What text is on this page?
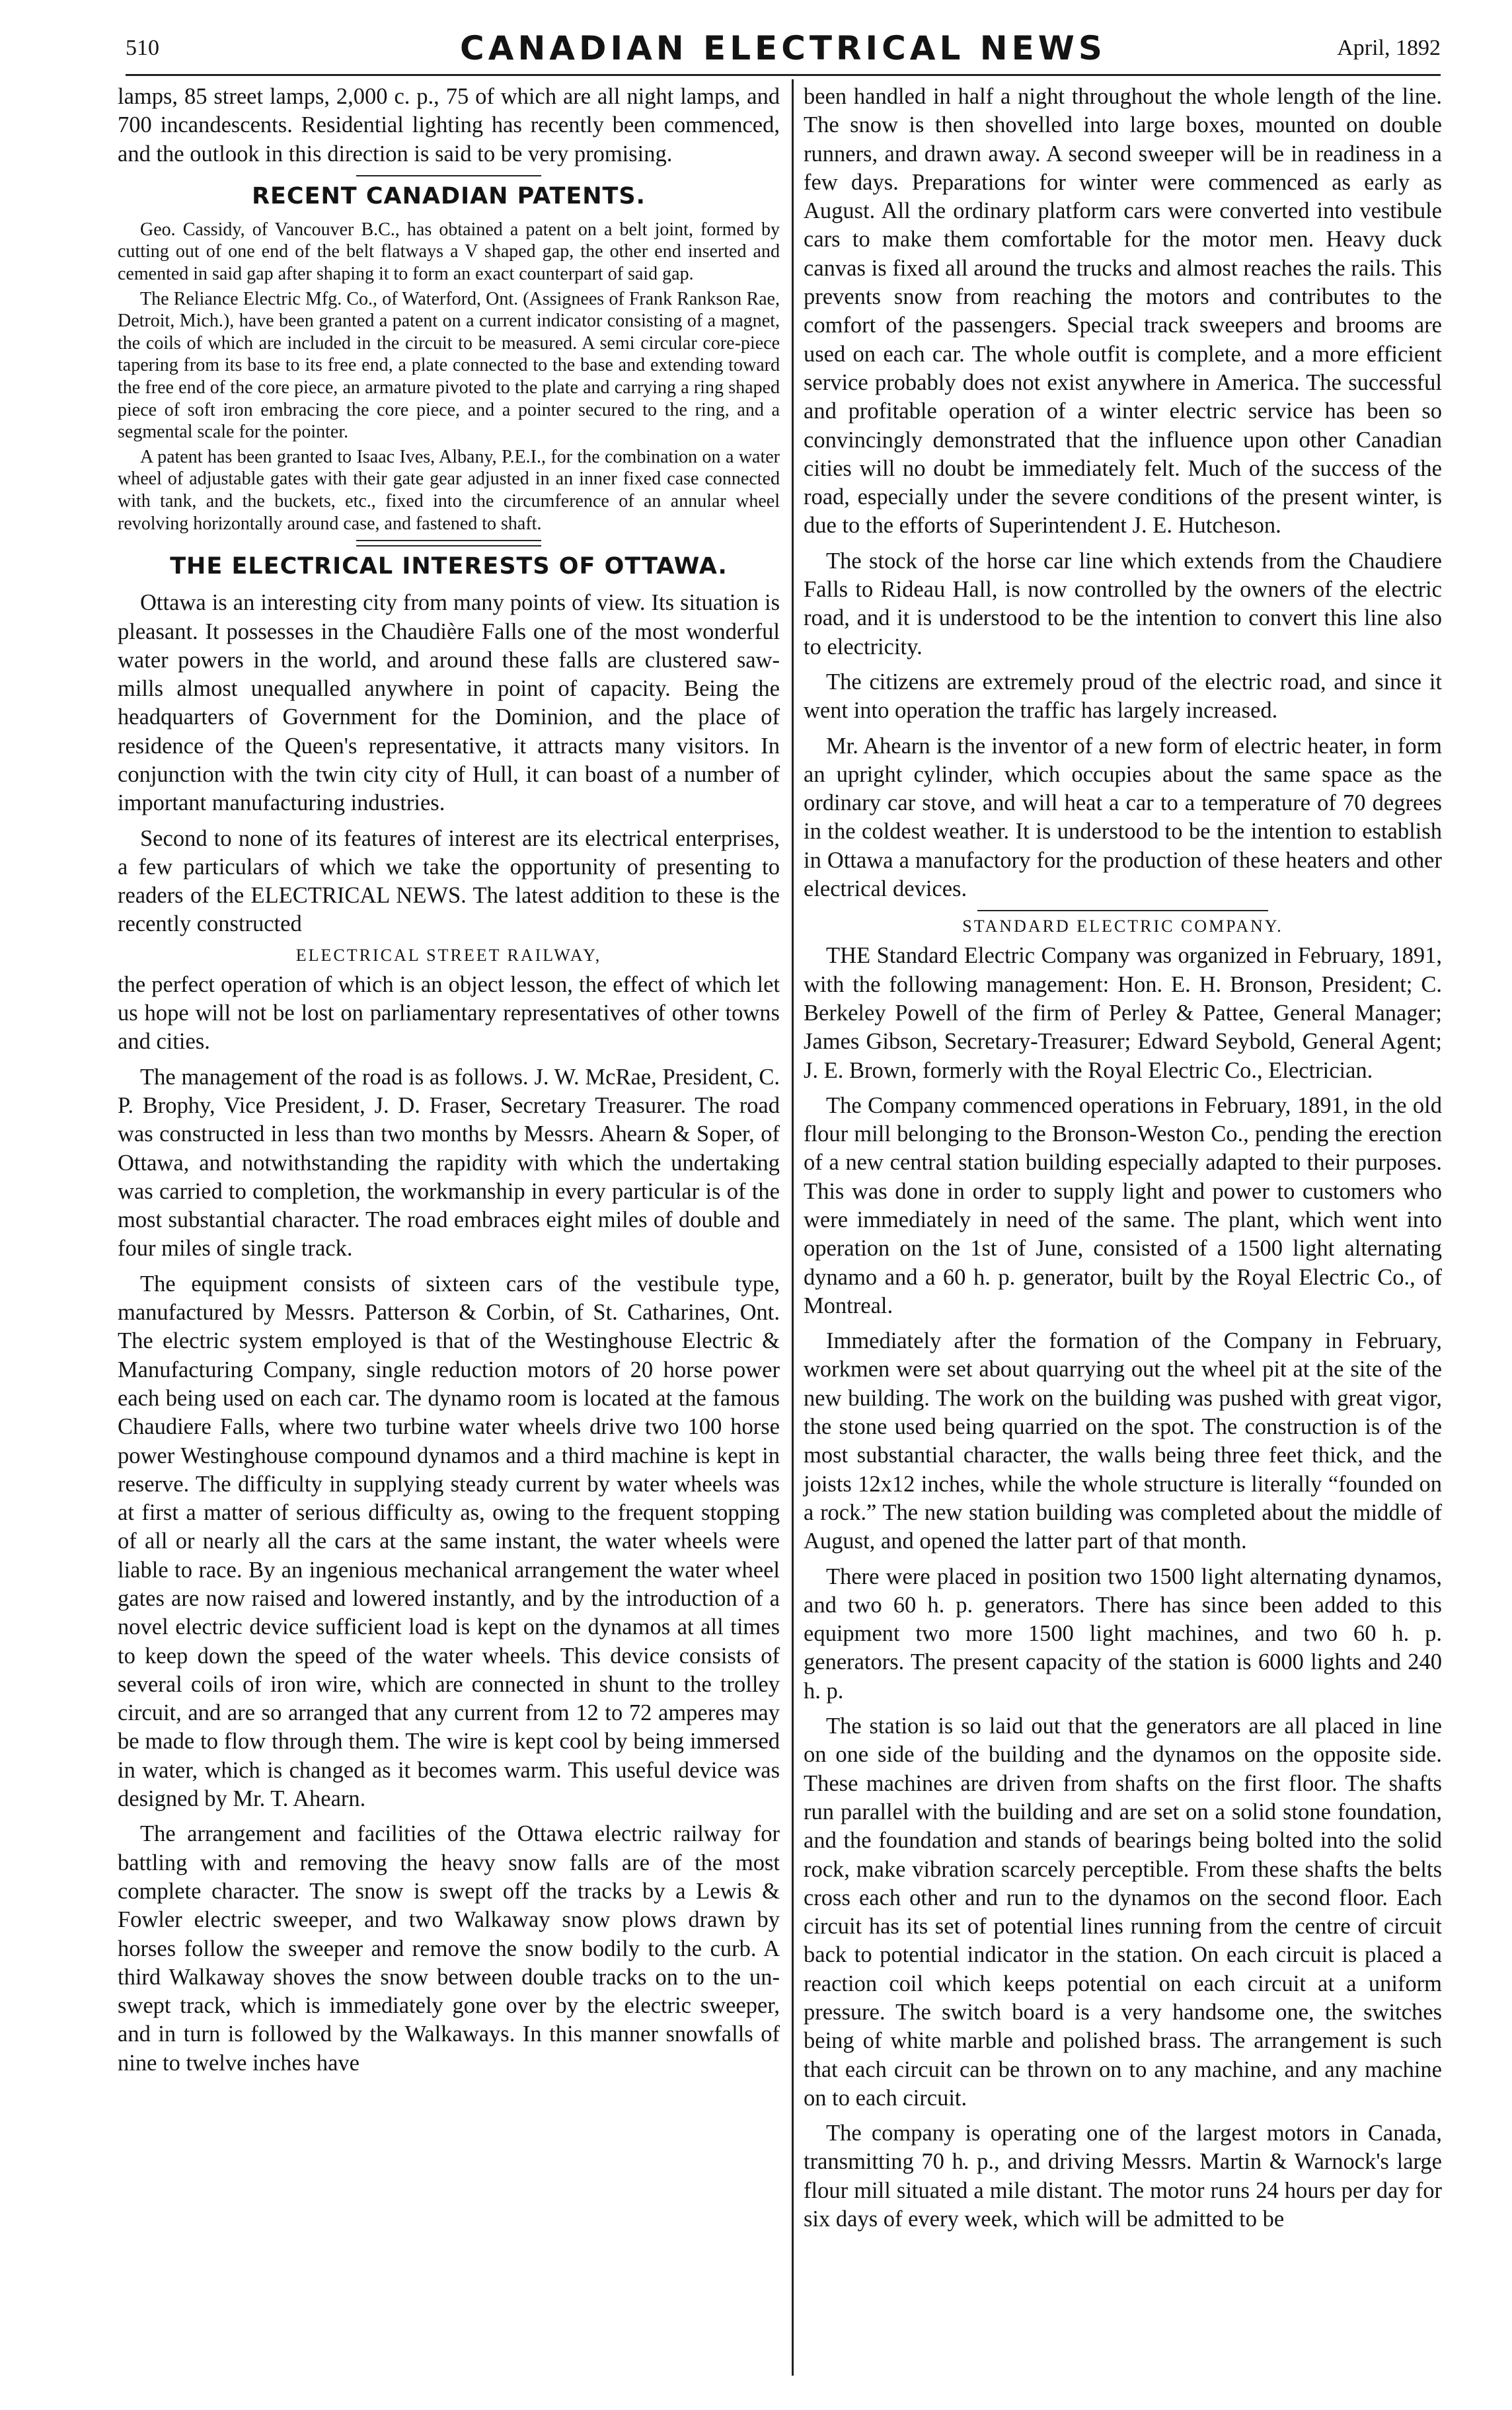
510	CANADIAN ELECTRICAL NEWS	April, 1892

lamps, 85 street lamps, 2,000 c. p., 75 of which are all night lamps, and 700 incandescents. Residential lighting has recently been commenced, and the outlook in this direction is said to be very promising.

RECENT CANADIAN PATENTS.

Geo. Cassidy, of Vancouver B.C., has obtained a patent on a belt joint, formed by cutting out of one end of the belt flatways a V shaped gap, the other end inserted and cemented in said gap after shaping it to form an exact counterpart of said gap.

The Reliance Electric Mfg. Co., of Waterford, Ont. (Assignees of Frank Rankson Rae, Detroit, Mich.), have been granted a patent on a current indicator consisting of a magnet, the coils of which are included in the circuit to be measured. A semi circular core-piece tapering from its base to its free end, a plate connected to the base and extending toward the free end of the core piece, an armature pivoted to the plate and carrying a ring shaped piece of soft iron embracing the core piece, and a pointer secured to the ring, and a segmental scale for the pointer.

A patent has been granted to Isaac Ives, Albany, P.E.I., for the combination on a water wheel of adjustable gates with their gate gear adjusted in an inner fixed case connected with tank, and the buckets, etc., fixed into the circumference of an annular wheel revolving horizontally around case, and fastened to shaft.

THE ELECTRICAL INTERESTS OF OTTAWA.

Ottawa is an interesting city from many points of view. Its situation is pleasant. It possesses in the Chaudière Falls one of the most wonderful water powers in the world, and around these falls are clustered saw-mills almost unequalled anywhere in point of capacity. Being the headquarters of Government for the Dominion, and the place of residence of the Queen's representative, it attracts many visitors. In conjunction with the twin city city of Hull, it can boast of a number of important manufacturing industries.

Second to none of its features of interest are its electrical enterprises, a few particulars of which we take the opportunity of presenting to readers of the ELECTRICAL NEWS. The latest addition to these is the recently constructed

ELECTRICAL STREET RAILWAY,

the perfect operation of which is an object lesson, the effect of which let us hope will not be lost on parliamentary representatives of other towns and cities.

The management of the road is as follows. J. W. McRae, President, C. P. Brophy, Vice President, J. D. Fraser, Secretary Treasurer. The road was constructed in less than two months by Messrs. Ahearn & Soper, of Ottawa, and notwithstanding the rapidity with which the undertaking was carried to completion, the workmanship in every particular is of the most substantial character. The road embraces eight miles of double and four miles of single track.

The equipment consists of sixteen cars of the vestibule type, manufactured by Messrs. Patterson & Corbin, of St. Catharines, Ont. The electric system employed is that of the Westinghouse Electric & Manufacturing Company, single reduction motors of 20 horse power each being used on each car. The dynamo room is located at the famous Chaudiere Falls, where two turbine water wheels drive two 100 horse power Westinghouse compound dynamos and a third machine is kept in reserve. The difficulty in supplying steady current by water wheels was at first a matter of serious difficulty as, owing to the frequent stopping of all or nearly all the cars at the same instant, the water wheels were liable to race. By an ingenious mechanical arrangement the water wheel gates are now raised and lowered instantly, and by the introduction of a novel electric device sufficient load is kept on the dynamos at all times to keep down the speed of the water wheels. This device consists of several coils of iron wire, which are connected in shunt to the trolley circuit, and are so arranged that any current from 12 to 72 amperes may be made to flow through them. The wire is kept cool by being immersed in water, which is changed as it becomes warm. This useful device was designed by Mr. T. Ahearn.

The arrangement and facilities of the Ottawa electric railway for battling with and removing the heavy snow falls are of the most complete character. The snow is swept off the tracks by a Lewis & Fowler electric sweeper, and two Walkaway snow plows drawn by horses follow the sweeper and remove the snow bodily to the curb. A third Walkaway shoves the snow between double tracks on to the un-swept track, which is immediately gone over by the electric sweeper, and in turn is followed by the Walkaways. In this manner snowfalls of nine to twelve inches have

been handled in half a night throughout the whole length of the line. The snow is then shovelled into large boxes, mounted on double runners, and drawn away. A second sweeper will be in readiness in a few days. Preparations for winter were commenced as early as August. All the ordinary platform cars were converted into vestibule cars to make them comfortable for the motor men. Heavy duck canvas is fixed all around the trucks and almost reaches the rails. This prevents snow from reaching the motors and contributes to the comfort of the passengers. Special track sweepers and brooms are used on each car. The whole outfit is complete, and a more efficient service probably does not exist anywhere in America. The successful and profitable operation of a winter electric service has been so convincingly demonstrated that the influence upon other Canadian cities will no doubt be immediately felt. Much of the success of the road, especially under the severe conditions of the present winter, is due to the efforts of Superintendent J. E. Hutcheson.

The stock of the horse car line which extends from the Chaudiere Falls to Rideau Hall, is now controlled by the owners of the electric road, and it is understood to be the intention to convert this line also to electricity.

The citizens are extremely proud of the electric road, and since it went into operation the traffic has largely increased.

Mr. Ahearn is the inventor of a new form of electric heater, in form an upright cylinder, which occupies about the same space as the ordinary car stove, and will heat a car to a temperature of 70 degrees in the coldest weather. It is understood to be the intention to establish in Ottawa a manufactory for the production of these heaters and other electrical devices.

STANDARD ELECTRIC COMPANY.

THE Standard Electric Company was organized in February, 1891, with the following management: Hon. E. H. Bronson, President; C. Berkeley Powell of the firm of Perley & Pattee, General Manager; James Gibson, Secretary-Treasurer; Edward Seybold, General Agent; J. E. Brown, formerly with the Royal Electric Co., Electrician.

The Company commenced operations in February, 1891, in the old flour mill belonging to the Bronson-Weston Co., pending the erection of a new central station building especially adapted to their purposes. This was done in order to supply light and power to customers who were immediately in need of the same. The plant, which went into operation on the 1st of June, consisted of a 1500 light alternating dynamo and a 60 h. p. generator, built by the Royal Electric Co., of Montreal.

Immediately after the formation of the Company in February, workmen were set about quarrying out the wheel pit at the site of the new building. The work on the building was pushed with great vigor, the stone used being quarried on the spot. The construction is of the most substantial character, the walls being three feet thick, and the joists 12x12 inches, while the whole structure is literally “founded on a rock.” The new station building was completed about the middle of August, and opened the latter part of that month.

There were placed in position two 1500 light alternating dynamos, and two 60 h. p. generators. There has since been added to this equipment two more 1500 light machines, and two 60 h. p. generators. The present capacity of the station is 6000 lights and 240 h. p.

The station is so laid out that the generators are all placed in line on one side of the building and the dynamos on the opposite side. These machines are driven from shafts on the first floor. The shafts run parallel with the building and are set on a solid stone foundation, and the foundation and stands of bearings being bolted into the solid rock, make vibration scarcely perceptible. From these shafts the belts cross each other and run to the dynamos on the second floor. Each circuit has its set of potential lines running from the centre of circuit back to potential indicator in the station. On each circuit is placed a reaction coil which keeps potential on each circuit at a uniform pressure. The switch board is a very handsome one, the switches being of white marble and polished brass. The arrangement is such that each circuit can be thrown on to any machine, and any machine on to each circuit.

The company is operating one of the largest motors in Canada, transmitting 70 h. p., and driving Messrs. Martin & Warnock's large flour mill situated a mile distant. The motor runs 24 hours per day for six days of every week, which will be admitted to be
